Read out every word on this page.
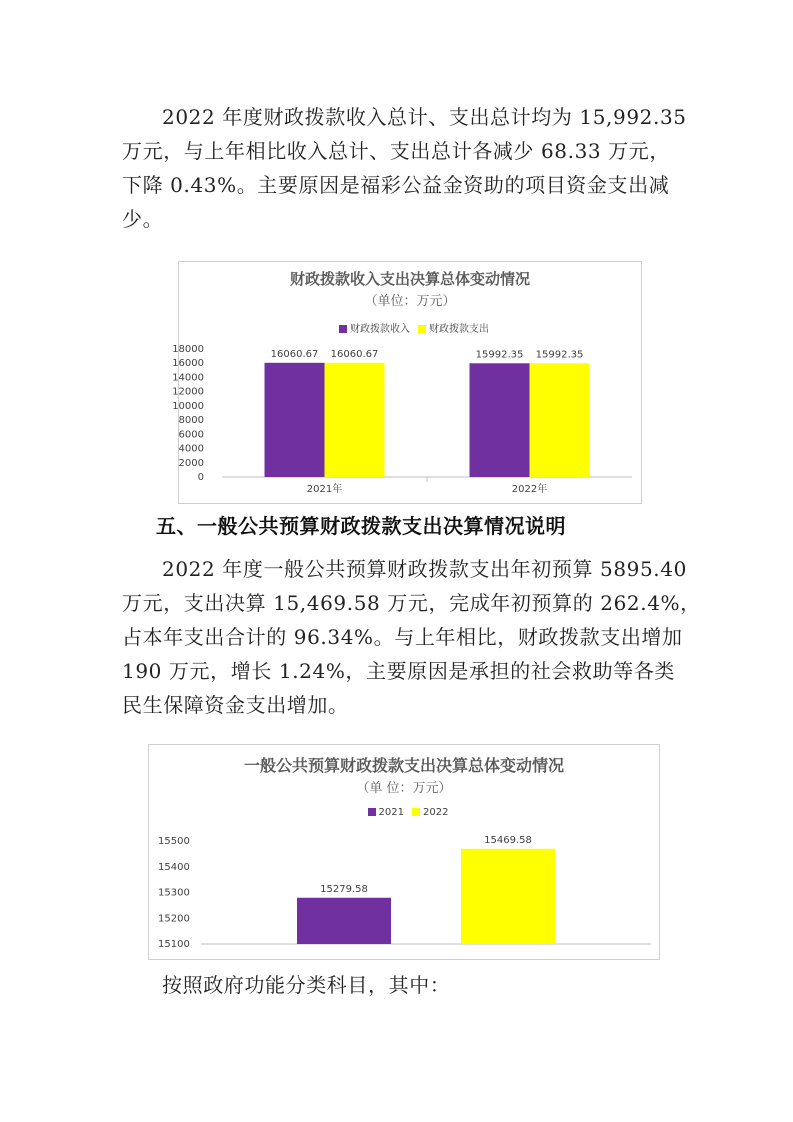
2022 年度财政拨款收入总计、支出总计均为 15,992.35
万元，与上年相比收入总计、支出总计各减少 68.33 万元，
下降 0.43%。主要原因是福彩公益金资助的项目资金支出减
少。
财政拨款收入支出决算总体变动情况
（单位：万元）
财政拨款收入 财政拨款支出
0
2000
4000
6000
8000
10000
12000
14000
16000
18000	16060.67 16060.67
2021年
15992.35 15992.35
2022年
五、一般公共预算财政拨款支出决算情况说明
2022 年度一般公共预算财政拨款支出年初预算 5895.40
万元，支出决算 15,469.58 万元，完成年初预算的 262.4%，
占本年支出合计的 96.34%。与上年相比，财政拨款支出增加
190 万元，增长 1.24%，主要原因是承担的社会救助等各类
民生保障资金支出增加。
一般公共预算财政拨款支出决算总体变动情况
（单 位：万元）
2021 2022
15100
15200
15300
15400
15500
15279.58
15469.58
按照政府功能分类科目，其中：
